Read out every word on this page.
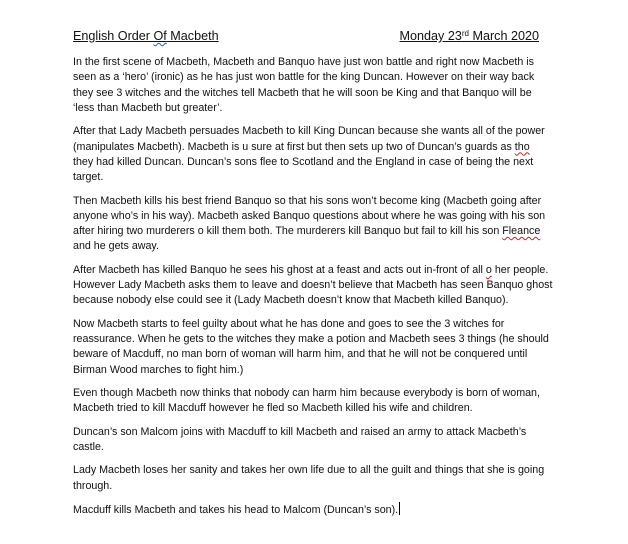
English Order Of Macbeth	Monday 23rd March 2020

In the first scene of Macbeth, Macbeth and Banquo have just won battle and right now Macbeth is
seen as a ‘hero’ (ironic) as he has just won battle for the king Duncan. However on their way back
they see 3 witches and the witches tell Macbeth that he will soon be King and that Banquo will be
‘less than Macbeth but greater’.

After that Lady Macbeth persuades Macbeth to kill King Duncan because she wants all of the power
(manipulates Macbeth). Macbeth is u sure at first but then sets up two of Duncan’s guards as tho
they had killed Duncan. Duncan’s sons flee to Scotland and the England in case of being the next
target.

Then Macbeth kills his best friend Banquo so that his sons won’t become king (Macbeth going after
anyone who’s in his way). Macbeth asked Banquo questions about where he was going with his son
after hiring two murderers o kill them both. The murderers kill Banquo but fail to kill his son Fleance
and he gets away.

After Macbeth has killed Banquo he sees his ghost at a feast and acts out in-front of all o her people.
However Lady Macbeth asks them to leave and doesn’t believe that Macbeth has seen Banquo ghost
because nobody else could see it (Lady Macbeth doesn’t know that Macbeth killed Banquo).

Now Macbeth starts to feel guilty about what he has done and goes to see the 3 witches for
reassurance. When he gets to the witches they make a potion and Macbeth sees 3 things (he should
beware of Macduff, no man born of woman will harm him, and that he will not be conquered until
Birman Wood marches to fight him.)

Even though Macbeth now thinks that nobody can harm him because everybody is born of woman,
Macbeth tried to kill Macduff however he fled so Macbeth killed his wife and children.

Duncan’s son Malcom joins with Macduff to kill Macbeth and raised an army to attack Macbeth’s
castle.

Lady Macbeth loses her sanity and takes her own life due to all the guilt and things that she is going
through.

Macduff kills Macbeth and takes his head to Malcom (Duncan’s son).
